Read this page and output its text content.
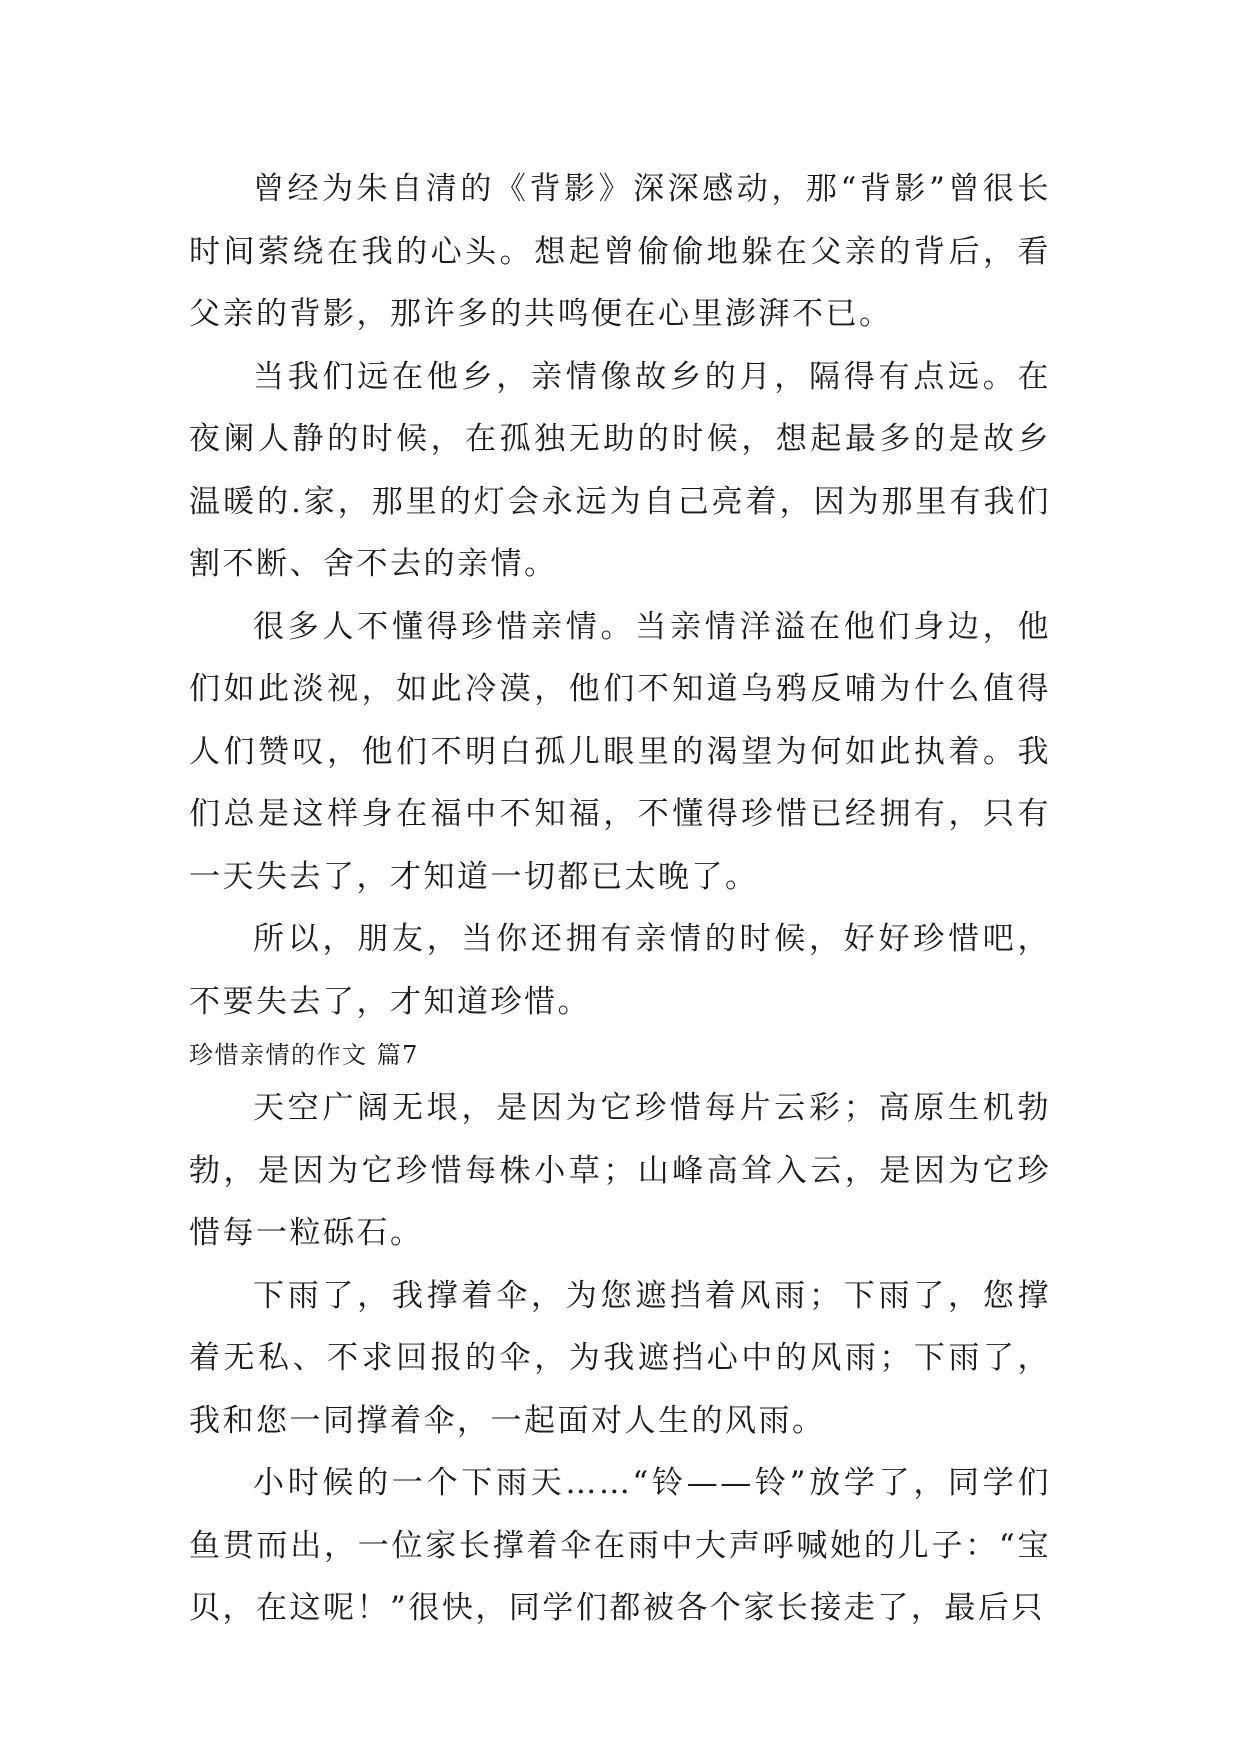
曾经为朱自清的《背影》深深感动，那“背影”曾很长时间萦绕在我的心头。想起曾偷偷地躲在父亲的背后，看父亲的背影，那许多的共鸣便在心里澎湃不已。

当我们远在他乡，亲情像故乡的月，隔得有点远。在夜阑人静的时候，在孤独无助的时候，想起最多的是故乡温暖的.家，那里的灯会永远为自己亮着，因为那里有我们割不断、舍不去的亲情。

很多人不懂得珍惜亲情。当亲情洋溢在他们身边，他们如此淡视，如此冷漠，他们不知道乌鸦反哺为什么值得人们赞叹，他们不明白孤儿眼里的渴望为何如此执着。我们总是这样身在福中不知福，不懂得珍惜已经拥有，只有一天失去了，才知道一切都已太晚了。

所以，朋友，当你还拥有亲情的时候，好好珍惜吧，不要失去了，才知道珍惜。

珍惜亲情的作文 篇7

天空广阔无垠，是因为它珍惜每片云彩；高原生机勃勃，是因为它珍惜每株小草；山峰高耸入云，是因为它珍惜每一粒砾石。

下雨了，我撑着伞，为您遮挡着风雨；下雨了，您撑着无私、不求回报的伞，为我遮挡心中的风雨；下雨了，我和您一同撑着伞，一起面对人生的风雨。

小时候的一个下雨天……“铃——铃”放学了，同学们鱼贯而出，一位家长撑着伞在雨中大声呼喊她的儿子：“宝贝，在这呢！”很快，同学们都被各个家长接走了，最后只
